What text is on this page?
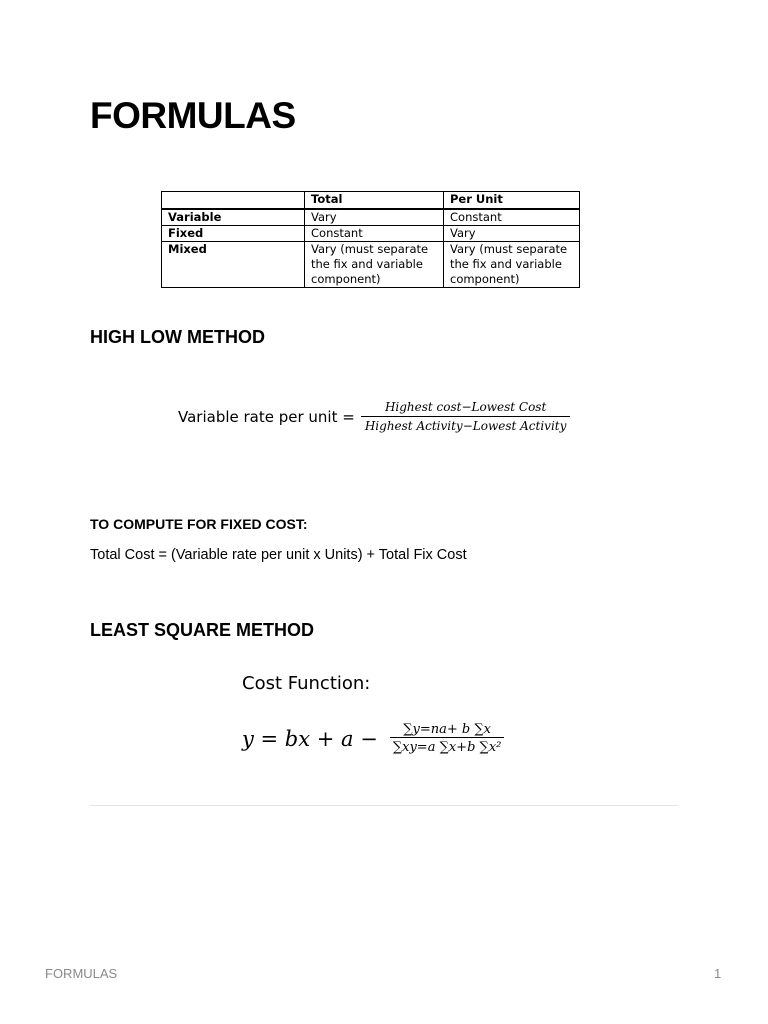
FORMULAS
	Total	Per Unit
Variable	Vary	Constant
Fixed	Constant	Vary
Mixed	Vary (must separate the fix and variable component)	Vary (must separate the fix and variable component)
HIGH LOW METHOD
Variable rate per unit = $\frac{\text{Highest cost−Lowest Cost}}{\text{Highest Activity−Lowest Activity}}$
TO COMPUTE FOR FIXED COST:
Total Cost = (Variable rate per unit x Units) + Total Fix Cost
LEAST SQUARE METHOD
Cost Function:
y = bx + $a - \frac{\sum y=na+ b \sum x}{\text{∑xy=a ∑x+b ∑x²}}$
FORMULAS	1
